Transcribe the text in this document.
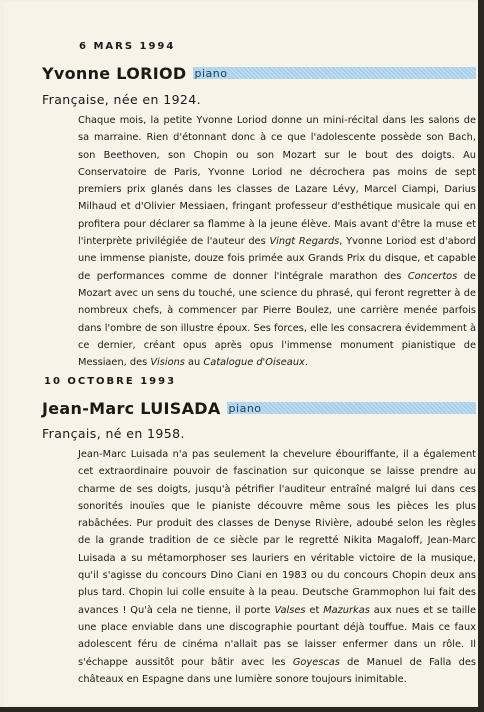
6 MARS 1994
Yvonne LORIOD piano
Française, née en 1924.
Chaque mois, la petite Yvonne Loriod donne un mini-récital dans les salons de sa marraine. Rien d'étonnant donc à ce que l'adolescente possède son Bach, son Beethoven, son Chopin ou son Mozart sur le bout des doigts. Au Conservatoire de Paris, Yvonne Loriod ne décrochera pas moins de sept premiers prix glanés dans les classes de Lazare Lévy, Marcel Ciampi, Darius Milhaud et d'Olivier Messiaen, fringant professeur d'esthétique musicale qui en profitera pour déclarer sa flamme à la jeune élève. Mais avant d'être la muse et l'interprète privilégiée de l'auteur des Vingt Regards, Yvonne Loriod est d'abord une immense pianiste, douze fois primée aux Grands Prix du disque, et capable de performances comme de donner l'intégrale marathon des Concertos de Mozart avec un sens du touché, une science du phrasé, qui feront regretter à de nombreux chefs, à commencer par Pierre Boulez, une carrière menée parfois dans l'ombre de son illustre époux. Ses forces, elle les consacrera évidemment à ce dernier, créant opus après opus l'immense monument pianistique de Messiaen, des Visions au Catalogue d'Oiseaux.
10 OCTOBRE 1993
Jean-Marc LUISADA piano
Français, né en 1958.
Jean-Marc Luisada n'a pas seulement la chevelure ébouriffante, il a également cet extraordinaire pouvoir de fascination sur quiconque se laisse prendre au charme de ses doigts, jusqu'à pétrifier l'auditeur entraîné malgré lui dans ces sonorités inouïes que le pianiste découvre même sous les pièces les plus rabâchées. Pur produit des classes de Denyse Rivière, adoubé selon les règles de la grande tradition de ce siècle par le regretté Nikita Magaloff, Jean-Marc Luisada a su métamorphoser ses lauriers en véritable victoire de la musique, qu'il s'agisse du concours Dino Ciani en 1983 ou du concours Chopin deux ans plus tard. Chopin lui colle ensuite à la peau. Deutsche Grammophon lui fait des avances ! Qu'à cela ne tienne, il porte Valses et Mazurkas aux nues et se taille une place enviable dans une discographie pourtant déjà touffue. Mais ce faux adolescent féru de cinéma n'allait pas se laisser enfermer dans un rôle. Il s'échappe aussitôt pour bâtir avec les Goyescas de Manuel de Falla des châteaux en Espagne dans une lumière sonore toujours inimitable.
